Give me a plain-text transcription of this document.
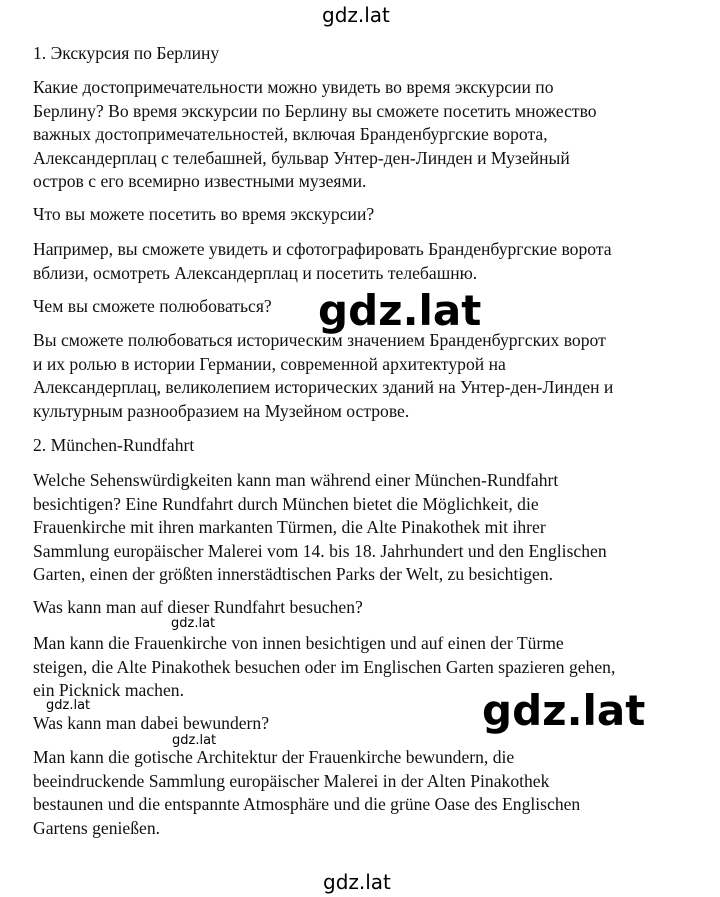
1. Экскурсия по Берлину

Какие достопримечательности можно увидеть во время экскурсии по
Берлину? Во время экскурсии по Берлину вы сможете посетить множество
важных достопримечательностей, включая Бранденбургские ворота,
Александерплац с телебашней, бульвар Унтер-ден-Линден и Музейный
остров с его всемирно известными музеями.

Что вы можете посетить во время экскурсии?

Например, вы сможете увидеть и сфотографировать Бранденбургские ворота
вблизи, осмотреть Александерплац и посетить телебашню.

Чем вы сможете полюбоваться?

Вы сможете полюбоваться историческим значением Бранденбургских ворот
и их ролью в истории Германии, современной архитектурой на
Александерплац, великолепием исторических зданий на Унтер-ден-Линден и
культурным разнообразием на Музейном острове.

2. München-Rundfahrt

Welche Sehenswürdigkeiten kann man während einer München-Rundfahrt
besichtigen? Eine Rundfahrt durch München bietet die Möglichkeit, die
Frauenkirche mit ihren markanten Türmen, die Alte Pinakothek mit ihrer
Sammlung europäischer Malerei vom 14. bis 18. Jahrhundert und den Englischen
Garten, einen der größten innerstädtischen Parks der Welt, zu besichtigen.

Was kann man auf dieser Rundfahrt besuchen?

Man kann die Frauenkirche von innen besichtigen und auf einen der Türme
steigen, die Alte Pinakothek besuchen oder im Englischen Garten spazieren gehen,
ein Picknick machen.

Was kann man dabei bewundern?

Man kann die gotische Architektur der Frauenkirche bewundern, die
beeindruckende Sammlung europäischer Malerei in der Alten Pinakothek
bestaunen und die entspannte Atmosphäre und die grüne Oase des Englischen
Gartens genießen.

gdz.lat
gdz.lat
gdz.lat
gdz.lat
gdz.lat
gdz.lat
gdz.lat
